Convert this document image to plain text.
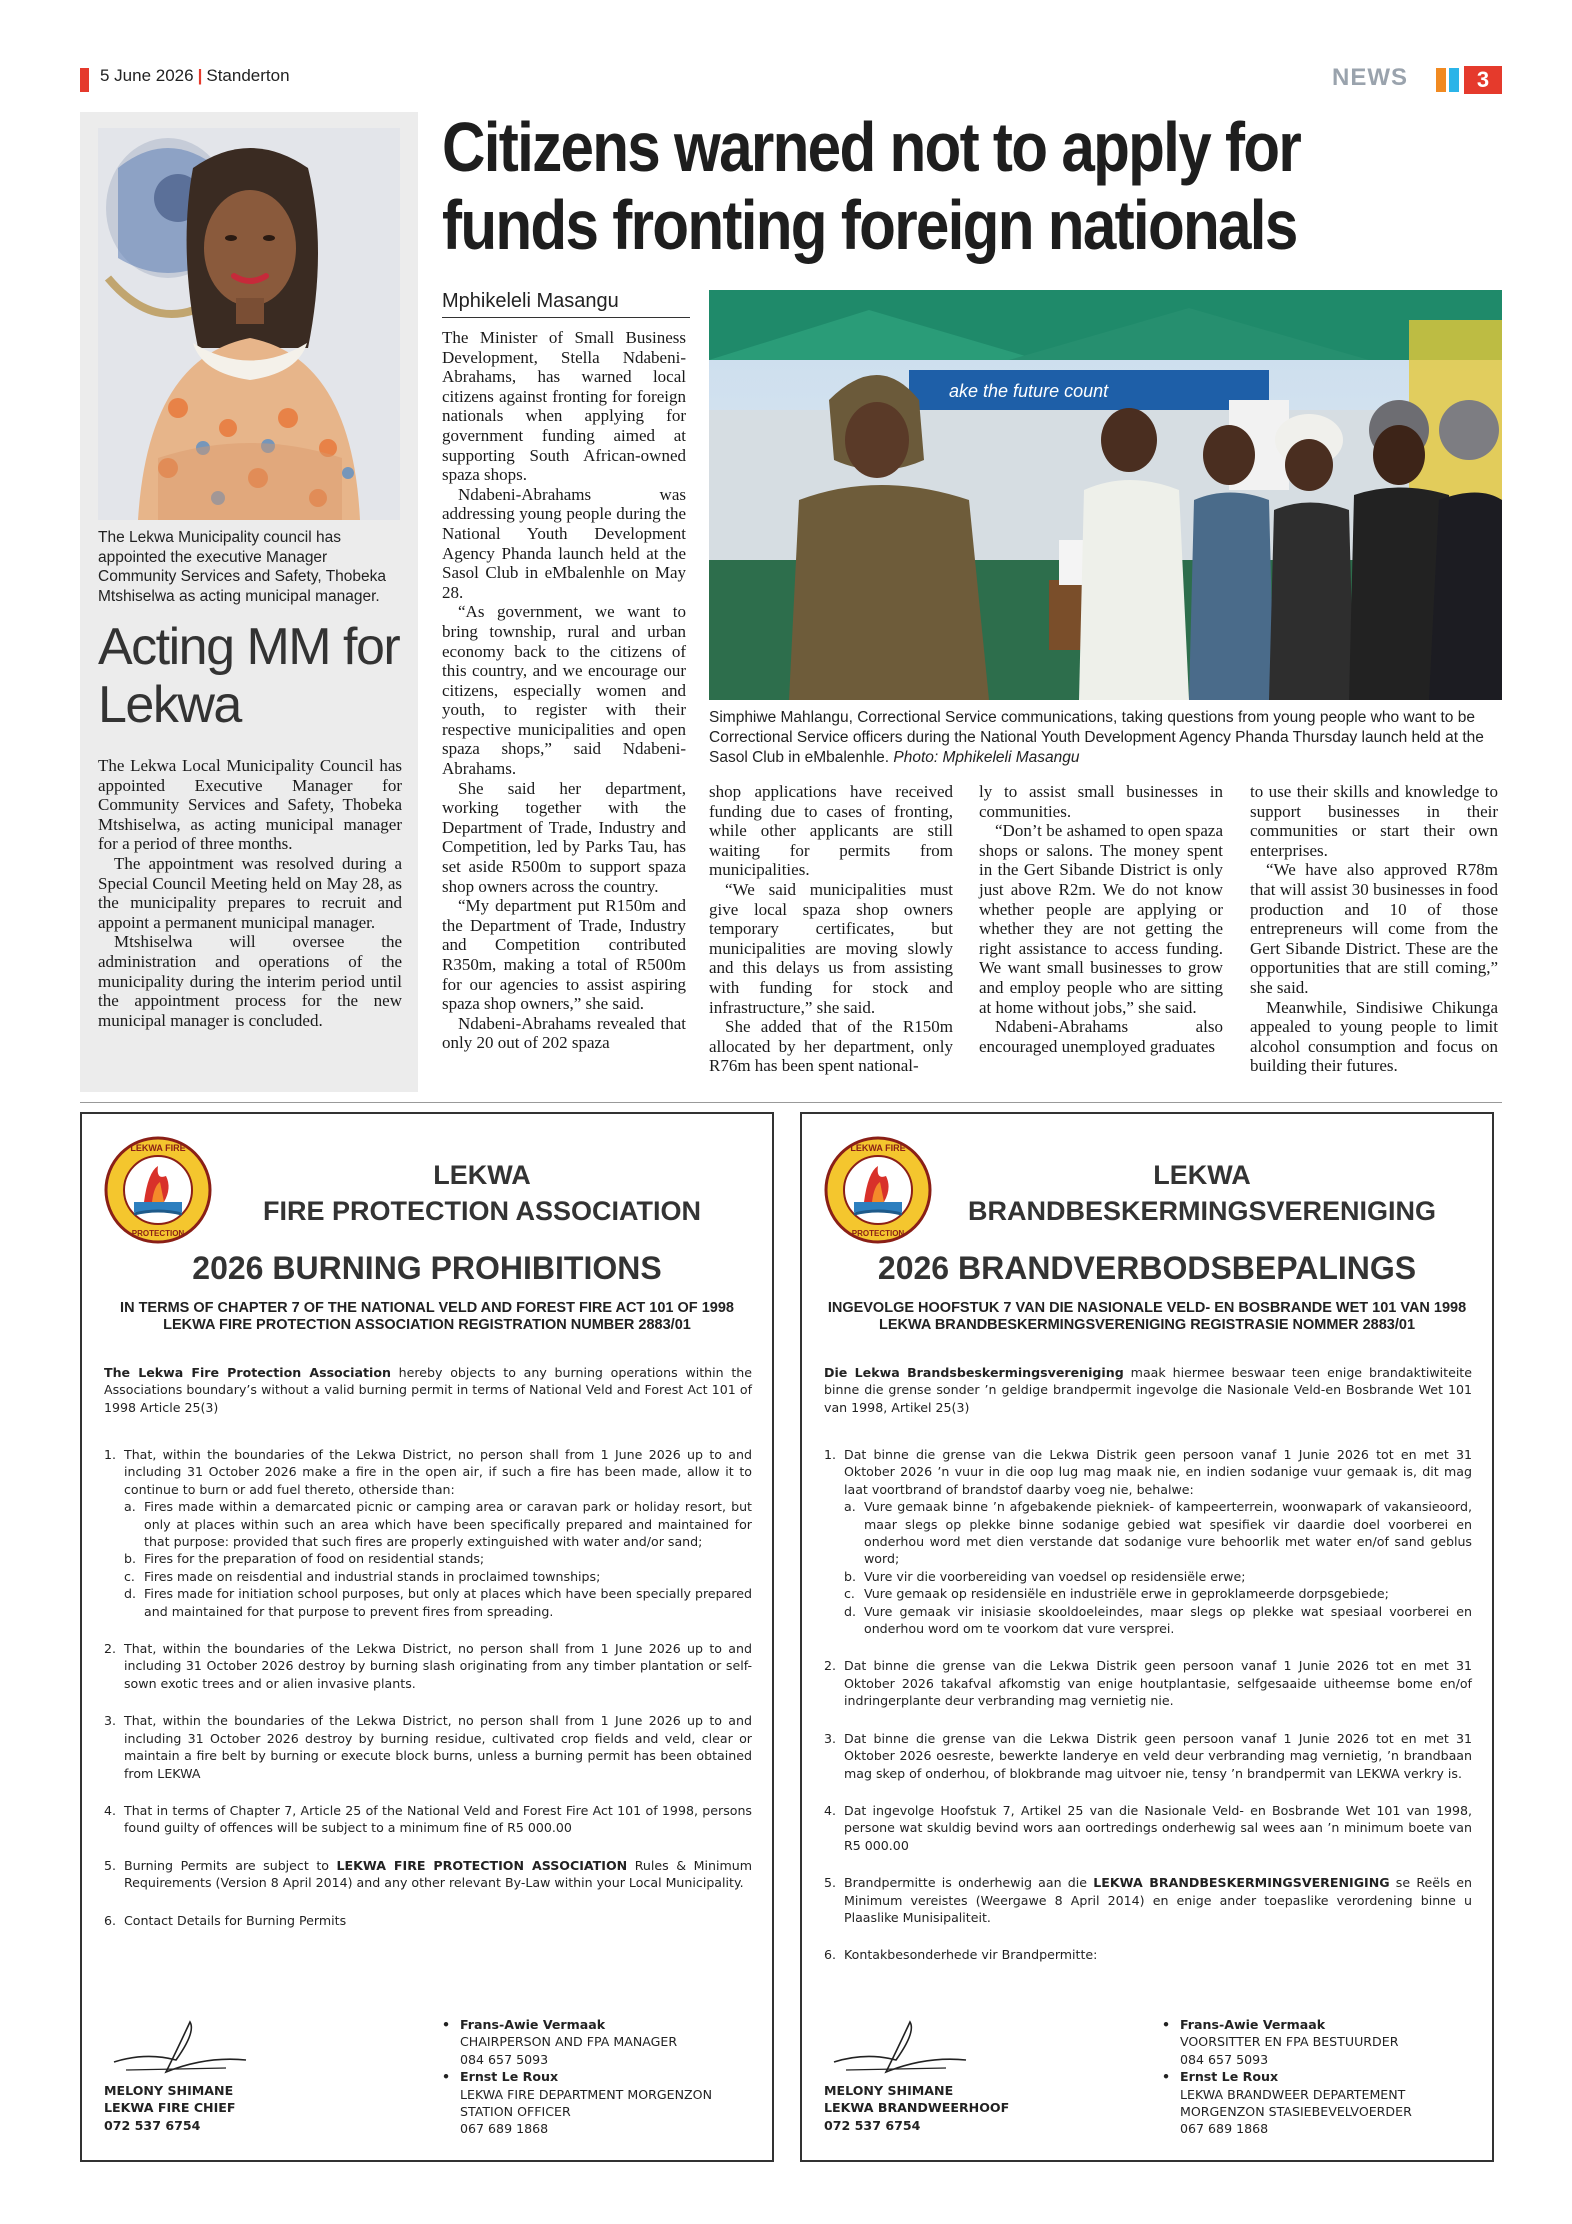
5 June 2026 | Standerton	NEWS	3
The Lekwa Municipality council has appointed the executive Manager Community Services and Safety, Thobeka Mtshiselwa as acting municipal manager.
Acting MM for Lekwa

The Lekwa Local Municipality Council has appointed Executive Manager for Community Services and Safety, Thobeka Mtshiselwa, as acting municipal manager for a period of three months.

The appointment was resolved during a Special Council Meeting held on May 28, as the municipality prepares to recruit and appoint a permanent municipal manager.

Mtshiselwa will oversee the administration and operations of the municipality during the interim period until the appointment process for the new municipal manager is concluded.

Citizens warned not to apply for
funds fronting foreign nationals
Mphikeleli Masangu

The Minister of Small Business Development, Stella Ndabeni-Abrahams, has warned local citizens against fronting for foreign nationals when applying for government funding aimed at supporting South African-owned spaza shops.

Ndabeni-Abrahams was addressing young people during the National Youth Development Agency Phanda launch held at the Sasol Club in eMbalenhle on May 28.

“As government, we want to bring township, rural and urban economy back to the citizens of this country, and we encourage our citizens, especially women and youth, to register with their respective municipalities and open spaza shops,” said Ndabeni-Abrahams.

She said her department, working together with the Department of Trade, Industry and Competition, led by Parks Tau, has set aside R500m to support spaza shop owners across the country.

“My department put R150m and the Department of Trade, Industry and Competition contributed R350m, making a total of R500m for our agencies to assist aspiring spaza shop owners,” she said.

Ndabeni-Abrahams revealed that only 20 out of 202 spaza

ake the future count
Simphiwe Mahlangu, Correctional Service communications, taking questions from young people who want to be Correctional Service officers during the National Youth Development Agency Phanda Thursday launch held at the Sasol Club in eMbalenhle. Photo: Mphikeleli Masangu

shop applications have received funding due to cases of fronting, while other applicants are still waiting for permits from municipalities.

“We said municipalities must give local spaza shop owners temporary certificates, but municipalities are moving slowly and this delays us from assisting with funding for stock and infrastructure,” she said.

She added that of the R150m allocated by her department, only R76m has been spent national-

ly to assist small businesses in communities.

“Don’t be ashamed to open spaza shops or salons. The money spent in the Gert Sibande District is only just above R2m. We do not know whether people are applying or whether they are not getting the right assistance to access funding. We want small businesses to grow and employ people who are sitting at home without jobs,” she said.

Ndabeni-Abrahams also encouraged unemployed graduates

to use their skills and knowledge to support businesses in their communities or start their own enterprises.

“We have also approved R78m that will assist 30 businesses in food production and 10 of those entrepreneurs will come from the Gert Sibande District. These are the opportunities that are still coming,” she said.

Meanwhile, Sindisiwe Chikunga appealed to young people to limit alcohol consumption and focus on building their futures.

LEKWA FIRE
PROTECTION
LEKWA
FIRE PROTECTION ASSOCIATION
2026 BURNING PROHIBITIONS
IN TERMS OF CHAPTER 7 OF THE NATIONAL VELD AND FOREST FIRE ACT 101 OF 1998 LEKWA FIRE PROTECTION ASSOCIATION REGISTRATION NUMBER 2883/01
The Lekwa Fire Protection Association hereby objects to any burning operations within the Associations boundary’s without a valid burning permit in terms of National Veld and Forest Act 101 of 1998 Article 25(3)
1. That, within the boundaries of the Lekwa District, no person shall from 1 June 2026 up to and including 31 October 2026 make a fire in the open air, if such a fire has been made, allow it to continue to burn or add fuel thereto, otherside than:
a. Fires made within a demarcated picnic or camping area or caravan park or holiday resort, but only at places within such an area which have been specifically prepared and maintained for that purpose: provided that such fires are properly extinguished with water and/or sand;
b. Fires for the preparation of food on residential stands;
c. Fires made on reisdential and industrial stands in proclaimed townships;
d. Fires made for initiation school purposes, but only at places which have been specially prepared and maintained for that purpose to prevent fires from spreading.
2. That, within the boundaries of the Lekwa District, no person shall from 1 June 2026 up to and including 31 October 2026 destroy by burning slash originating from any timber plantation or self-sown exotic trees and or alien invasive plants.
3. That, within the boundaries of the Lekwa District, no person shall from 1 June 2026 up to and including 31 October 2026 destroy by burning residue, cultivated crop fields and veld, clear or maintain a fire belt by burning or execute block burns, unless a burning permit has been obtained from LEKWA
4. That in terms of Chapter 7, Article 25 of the National Veld and Forest Fire Act 101 of 1998, persons found guilty of offences will be subject to a minimum fine of R5 000.00
5. Burning Permits are subject to LEKWA FIRE PROTECTION ASSOCIATION Rules & Minimum Requirements (Version 8 April 2014) and any other relevant By-Law within your Local Municipality.
6. Contact Details for Burning Permits
• Frans-Awie Vermaak
CHAIRPERSON AND FPA MANAGER
084 657 5093
• Ernst Le Roux
LEKWA FIRE DEPARTMENT MORGENZON
STATION OFFICER
067 689 1868
MELONY SHIMANE
LEKWA FIRE CHIEF
072 537 6754
LEKWA FIRE
PROTECTION
LEKWA
BRANDBESKERMINGSVERENIGING
2026 BRANDVERBODSBEPALINGS
INGEVOLGE HOOFSTUK 7 VAN DIE NASIONALE VELD- EN BOSBRANDE WET 101 VAN 1998 LEKWA BRANDBESKERMINGSVERENIGING REGISTRASIE NOMMER 2883/01
Die Lekwa Brandsbeskermingsvereniging maak hiermee beswaar teen enige brandaktiwiteite binne die grense sonder ’n geldige brandpermit ingevolge die Nasionale Veld-en Bosbrande Wet 101 van 1998, Artikel 25(3)
1. Dat binne die grense van die Lekwa Distrik geen persoon vanaf 1 Junie 2026 tot en met 31 Oktober 2026 ’n vuur in die oop lug mag maak nie, en indien sodanige vuur gemaak is, dit mag laat voortbrand of brandstof daarby voeg nie, behalwe:
a. Vure gemaak binne ’n afgebakende piekniek- of kampeerterrein, woonwapark of vakansieoord, maar slegs op plekke binne sodanige gebied wat spesifiek vir daardie doel voorberei en onderhou word met dien verstande dat sodanige vure behoorlik met water en/of sand geblus word;
b. Vure vir die voorbereiding van voedsel op residensiële erwe;
c. Vure gemaak op residensiële en industriële erwe in geproklameerde dorpsgebiede;
d. Vure gemaak vir inisiasie skooldoeleindes, maar slegs op plekke wat spesiaal voorberei en onderhou word om te voorkom dat vure versprei.
2. Dat binne die grense van die Lekwa Distrik geen persoon vanaf 1 Junie 2026 tot en met 31 Oktober 2026 takafval afkomstig van enige houtplantasie, selfgesaaide uitheemse bome en/of indringerplante deur verbranding mag vernietig nie.
3. Dat binne die grense van die Lekwa Distrik geen persoon vanaf 1 Junie 2026 tot en met 31 Oktober 2026 oesreste, bewerkte landerye en veld deur verbranding mag vernietig, ’n brandbaan mag skep of onderhou, of blokbrande mag uitvoer nie, tensy ’n brandpermit van LEKWA verkry is.
4. Dat ingevolge Hoofstuk 7, Artikel 25 van die Nasionale Veld- en Bosbrande Wet 101 van 1998, persone wat skuldig bevind wors aan oortredings onderhewig sal wees aan ’n minimum boete van R5 000.00
5. Brandpermitte is onderhewig aan die LEKWA BRANDBESKERMINGSVERENIGING se Reëls en Minimum vereistes (Weergawe 8 April 2014) en enige ander toepaslike verordening binne u Plaaslike Munisipaliteit.
6. Kontakbesonderhede vir Brandpermitte:
• Frans-Awie Vermaak
VOORSITTER EN FPA BESTUURDER
084 657 5093
• Ernst Le Roux
LEKWA BRANDWEER DEPARTEMENT
MORGENZON STASIEBEVELVOERDER
067 689 1868
MELONY SHIMANE
LEKWA BRANDWEERHOOF
072 537 6754
